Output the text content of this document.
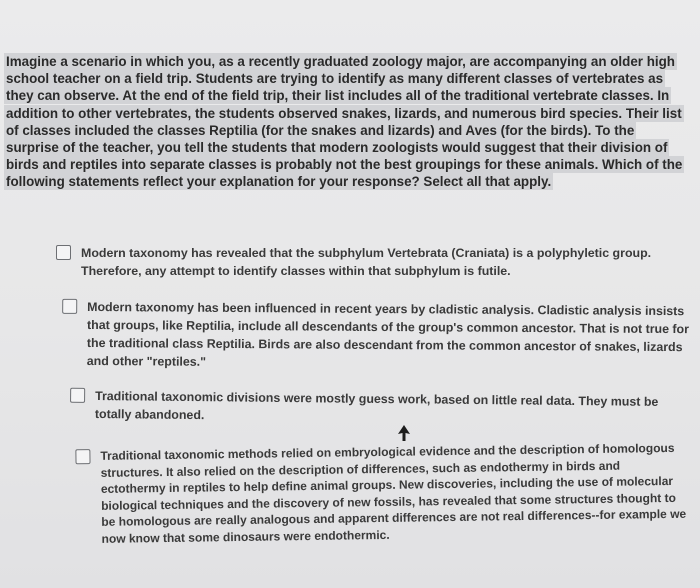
Imagine a scenario in which you, as a recently graduated zoology major, are accompanying an older high school teacher on a field trip. Students are trying to identify as many different classes of vertebrates as they can observe. At the end of the field trip, their list includes all of the traditional vertebrate classes. In addition to other vertebrates, the students observed snakes, lizards, and numerous bird species. Their list of classes included the classes Reptilia (for the snakes and lizards) and Aves (for the birds). To the surprise of the teacher, you tell the students that modern zoologists would suggest that their division of birds and reptiles into separate classes is probably not the best groupings for these animals. Which of the following statements reflect your explanation for your response? Select all that apply.
Modern taxonomy has revealed that the subphylum Vertebrata (Craniata) is a polyphyletic group. Therefore, any attempt to identify classes within that subphylum is futile.
Modern taxonomy has been influenced in recent years by cladistic analysis. Cladistic analysis insists that groups, like Reptilia, include all descendants of the group's common ancestor. That is not true for the traditional class Reptilia. Birds are also descendant from the common ancestor of snakes, lizards and other "reptiles."
Traditional taxonomic divisions were mostly guess work, based on little real data. They must be totally abandoned.
Traditional taxonomic methods relied on embryological evidence and the description of homologous structures. It also relied on the description of differences, such as endothermy in birds and ectothermy in reptiles to help define animal groups. New discoveries, including the use of molecular biological techniques and the discovery of new fossils, has revealed that some structures thought to be homologous are really analogous and apparent differences are not real differences--for example we now know that some dinosaurs were endothermic.
